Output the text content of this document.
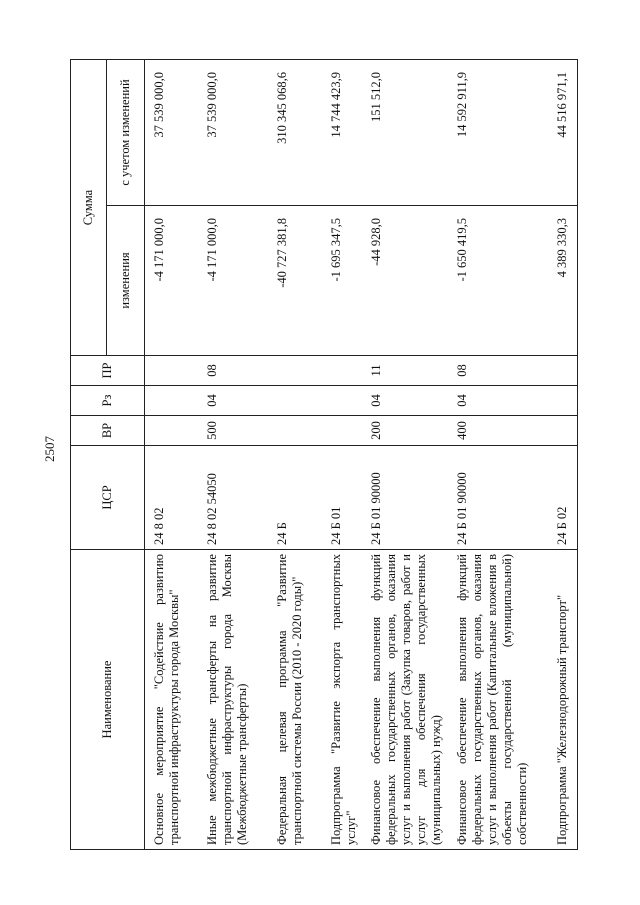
2507
Наименование	ЦСР	ВР	Рз	ПР	Сумма	
					изменения	с учетом изменений
Основное мероприятие "Содействие развитию транспортной инфраструктуры города Москвы"	24 8 02				-4 171 000,0	37 539 000,0
Иные межбюджетные трансферты на развитие транспортной инфраструктуры города Москвы (Межбюджетные трансферты)	24 8 02 54050	500	04	08	-4 171 000,0	37 539 000,0
Федеральная целевая программа "Развитие транспортной системы России (2010 - 2020 годы)"	24 Б				-40 727 381,8	310 345 068,6
Подпрограмма "Развитие экспорта транспортных услуг"	24 Б 01				-1 695 347,5	14 744 423,9
Финансовое обеспечение выполнения функций федеральных государственных органов, оказания услуг и выполнения работ (Закупка товаров, работ и услуг для обеспечения государственных (муниципальных) нужд)	24 Б 01 90000	200	04	11	-44 928,0	151 512,0
Финансовое обеспечение выполнения функций федеральных государственных органов, оказания услуг и выполнения работ (Капитальные вложения в объекты государственной (муниципальной) собственности)	24 Б 01 90000	400	04	08	-1 650 419,5	14 592 911,9
Подпрограмма "Железнодорожный транспорт"	24 Б 02				4 389 330,3	44 516 971,1
